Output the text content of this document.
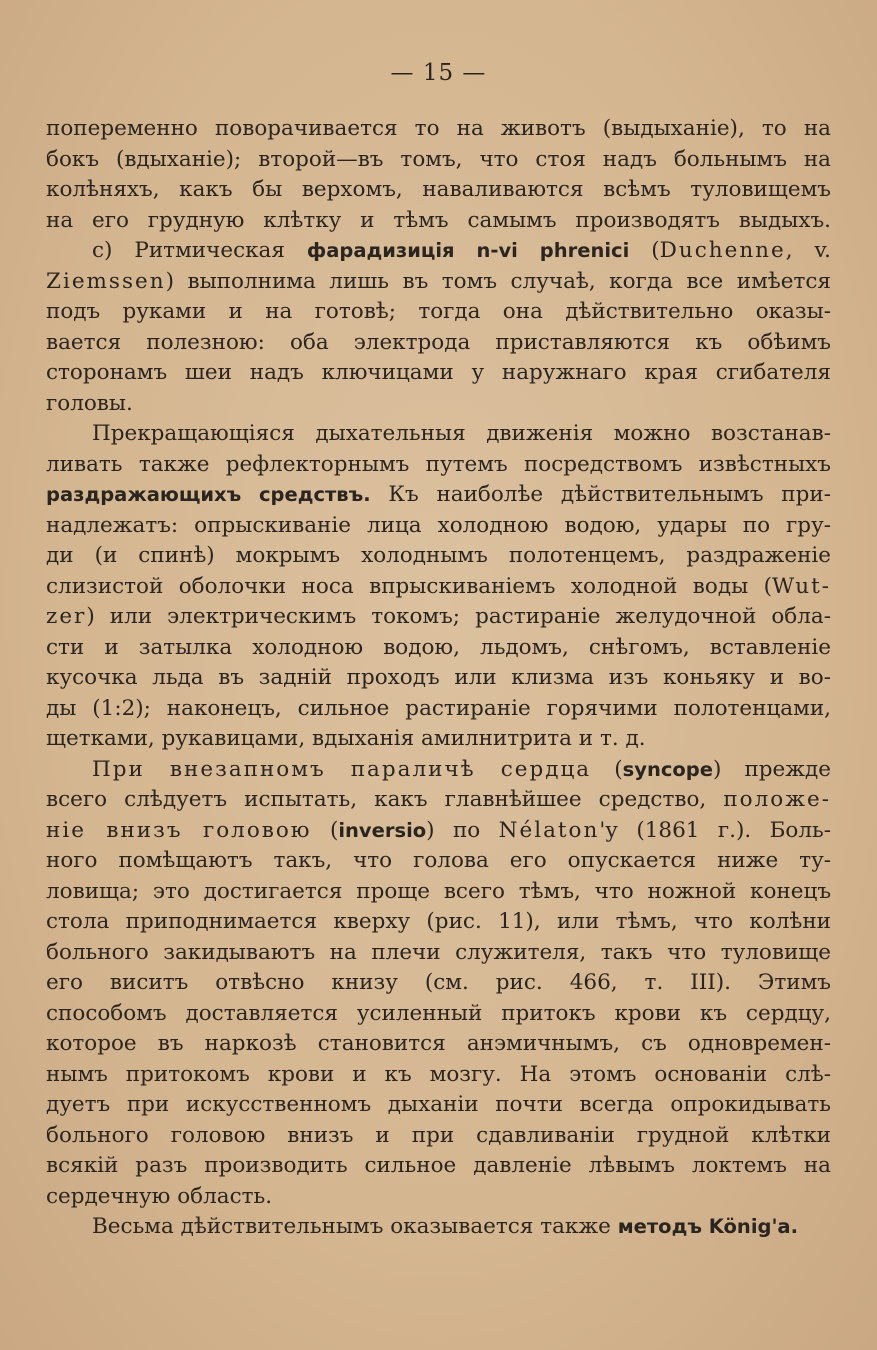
— 15 —
попеременно поворачивается то на животъ (выдыханіе), то на
бокъ (вдыханіе); второй—въ томъ, что стоя надъ больнымъ на
колѣняхъ, какъ бы верхомъ, наваливаются всѣмъ туловищемъ
на его грудную клѣтку и тѣмъ самымъ производятъ выдыхъ.
с) Ритмическая фарадизиція n-vi phrenici (Duchenne, v.
Ziemssen) выполнима лишь въ томъ случаѣ, когда все имѣется
подъ руками и на готовѣ; тогда она дѣйствительно оказы-
вается полезною: оба электрода приставляются къ обѣимъ
сторонамъ шеи надъ ключицами у наружнаго края сгибателя
головы.
Прекращающіяся дыхательныя движенія можно возстанав-
ливать также рефлекторнымъ путемъ посредствомъ извѣстныхъ
раздражающихъ средствъ. Къ наиболѣе дѣйствительнымъ при-
надлежатъ: опрыскиваніе лица холодною водою, удары по гру-
ди (и спинѣ) мокрымъ холоднымъ полотенцемъ, раздраженіе
слизистой оболочки носа впрыскиваніемъ холодной воды (Wut-
zer) или электрическимъ токомъ; растираніе желудочной обла-
сти и затылка холодною водою, льдомъ, снѣгомъ, вставленіе
кусочка льда въ задній проходъ или клизма изъ коньяку и во-
ды (1:2); наконецъ, сильное растираніе горячими полотенцами,
щетками, рукавицами, вдыханія амилнитрита и т. д.
При внезапномъ параличѣ сердца (syncope) прежде
всего слѣдуетъ испытать, какъ главнѣйшее средство, положе-
ніе внизъ головою (inversio) по Nélaton'у (1861 г.). Боль-
ного помѣщаютъ такъ, что голова его опускается ниже ту-
ловища; это достигается проще всего тѣмъ, что ножной конецъ
стола приподнимается кверху (рис. 11), или тѣмъ, что колѣни
больного закидываютъ на плечи служителя, такъ что туловище
его виситъ отвѣсно книзу (см. рис. 466, т. III). Этимъ
способомъ доставляется усиленный притокъ крови къ сердцу,
которое въ наркозѣ становится анэмичнымъ, съ одновремен-
нымъ притокомъ крови и къ мозгу. На этомъ основаніи слѣ-
дуетъ при искусственномъ дыханіи почти всегда опрокидывать
больного головою внизъ и при сдавливаніи грудной клѣтки
всякій разъ производить сильное давленіе лѣвымъ локтемъ на
сердечную область.
Весьма дѣйствительнымъ оказывается также методъ König'а.
